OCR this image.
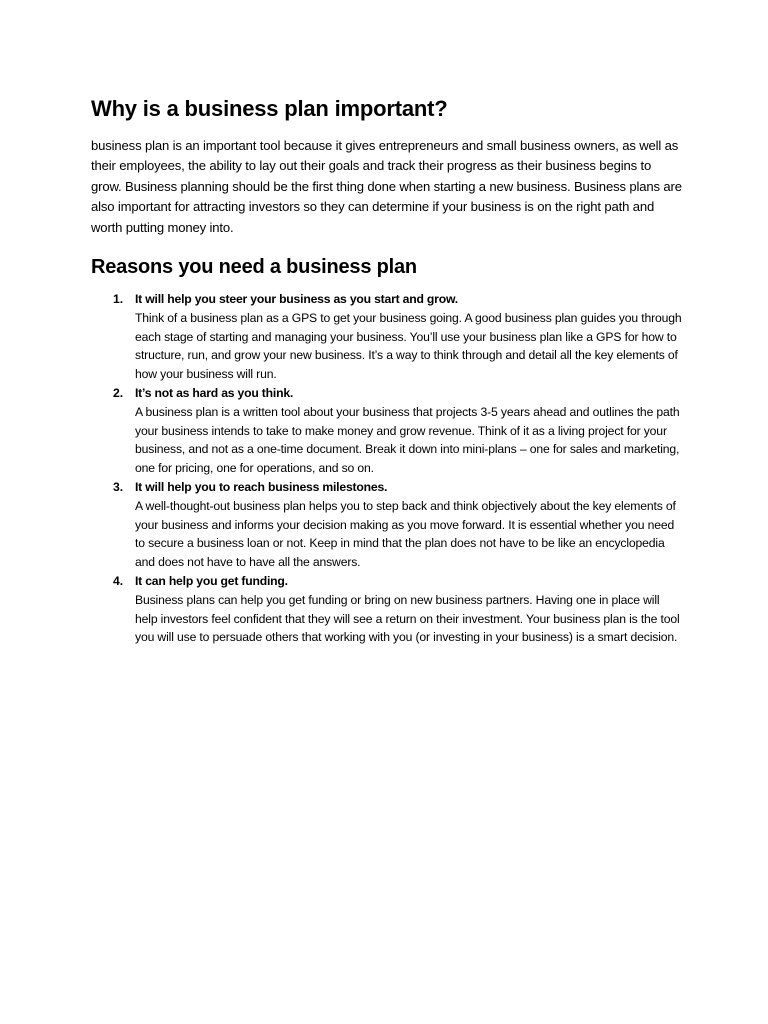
Why is a business plan important?

business plan is an important tool because it gives entrepreneurs and small business owners, as well as their employees, the ability to lay out their goals and track their progress as their business begins to grow. Business planning should be the first thing done when starting a new business. Business plans are also important for attracting investors so they can determine if your business is on the right path and worth putting money into.

Reasons you need a business plan
1. It will help you steer your business as you start and grow.
Think of a business plan as a GPS to get your business going. A good business plan guides you through each stage of starting and managing your business. You’ll use your business plan like a GPS for how to structure, run, and grow your new business. It’s a way to think through and detail all the key elements of how your business will run.
2. It’s not as hard as you think.
A business plan is a written tool about your business that projects 3-5 years ahead and outlines the path your business intends to take to make money and grow revenue. Think of it as a living project for your business, and not as a one-time document. Break it down into mini-plans – one for sales and marketing, one for pricing, one for operations, and so on.
3. It will help you to reach business milestones.
A well-thought-out business plan helps you to step back and think objectively about the key elements of your business and informs your decision making as you move forward. It is essential whether you need to secure a business loan or not. Keep in mind that the plan does not have to be like an encyclopedia and does not have to have all the answers.
4. It can help you get funding.
Business plans can help you get funding or bring on new business partners. Having one in place will help investors feel confident that they will see a return on their investment. Your business plan is the tool you will use to persuade others that working with you (or investing in your business) is a smart decision.
